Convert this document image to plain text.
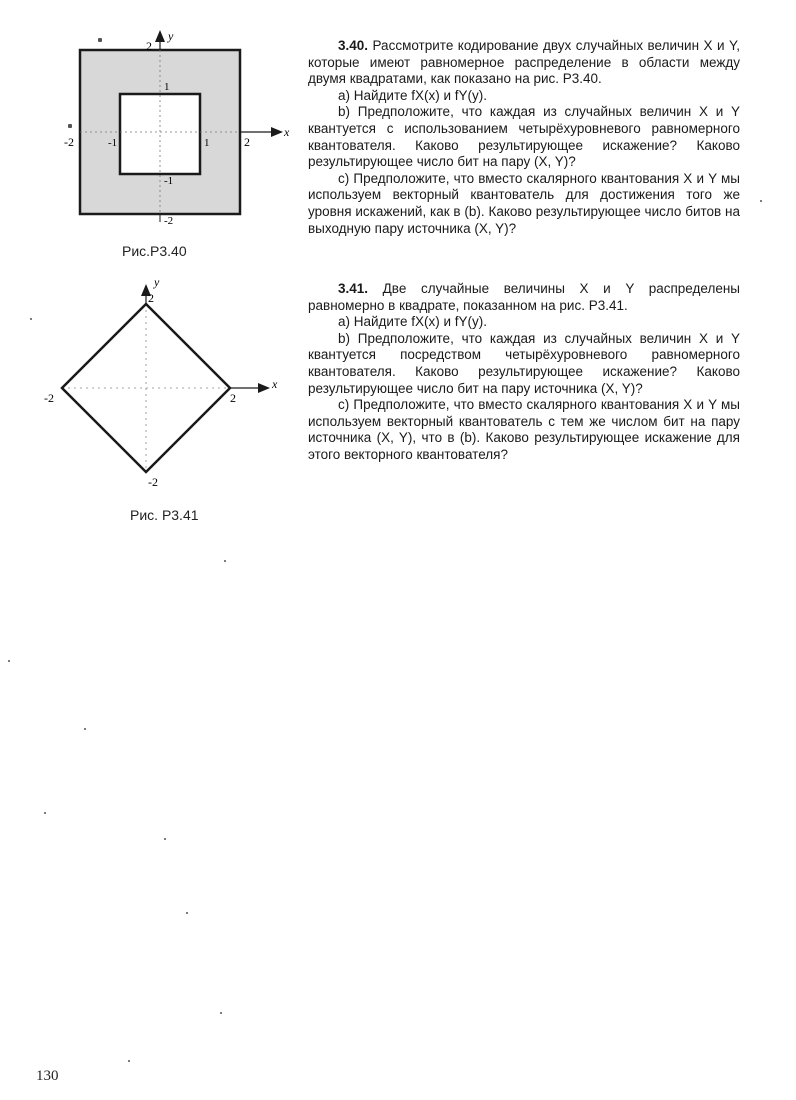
x
y
2
1
-2	-1	1	2
-1
-2
Рис.Р3.40
x
y
2
-2	2
-2
Рис. Р3.41

3.40. Рассмотрите кодирование двух случайных величин X и Y, которые имеют равномерное распределение в области между двумя квадратами, как показано на рис. Р3.40.

а) Найдите fX(x) и fY(y).

b) Предположите, что каждая из случайных величин X и Y квантуется с использованием четырёхуровневого равномерного квантователя. Каково результирующее искажение? Каково результирующее число бит на пару (X, Y)?

с) Предположите, что вместо скалярного квантования X и Y мы используем векторный квантователь для достижения того же уровня искажений, как в (b). Каково результирующее число битов на выходную пару источника (X, Y)?

3.41. Две случайные величины X и Y распределены равномерно в квадрате, показанном на рис. Р3.41.

а) Найдите fX(x) и fY(y).

b) Предположите, что каждая из случайных величин X и Y квантуется посредством четырёхуровневого равномерного квантователя. Каково результирующее искажение? Каково результирующее число бит на пару источника (X, Y)?

c) Предположите, что вместо скалярного квантования X и Y мы используем векторный квантователь с тем же числом бит на пару источника (X, Y), что в (b). Каково результирующее искажение для этого векторного квантователя?

130
